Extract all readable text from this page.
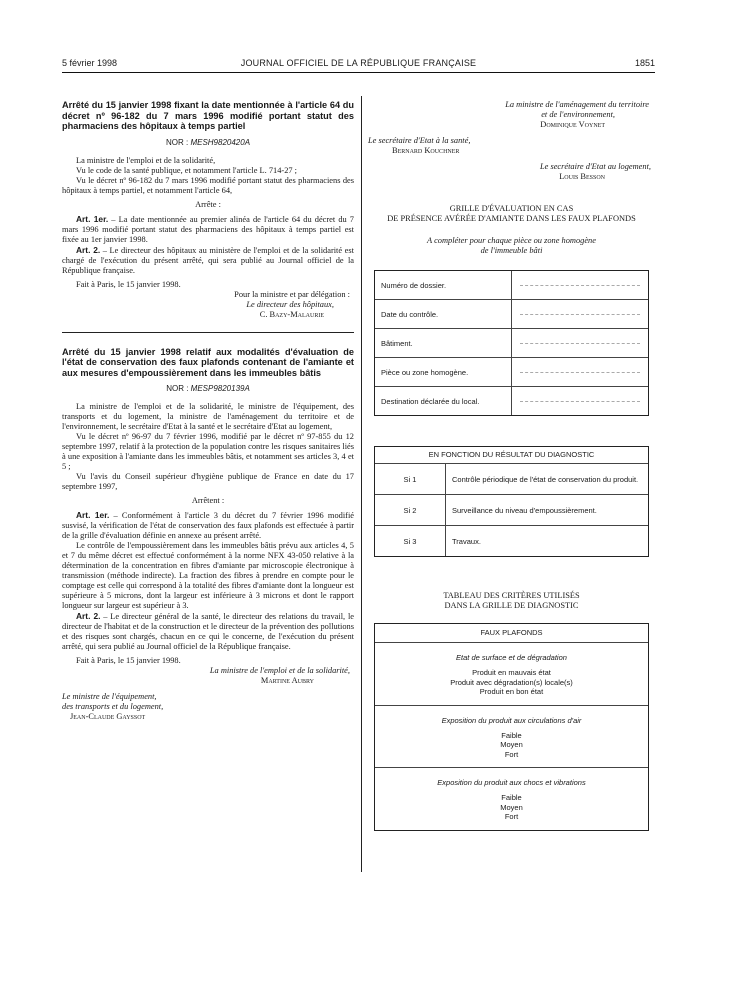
5 février 1998	JOURNAL OFFICIEL DE LA RÉPUBLIQUE FRANÇAISE	1851
Arrêté du 15 janvier 1998 fixant la date mentionnée à l'article 64 du décret nº 96-182 du 7 mars 1996 modifié portant statut des pharmaciens des hôpitaux à temps partiel
NOR : MESH9820420A

La ministre de l'emploi et de la solidarité,

Vu le code de la santé publique, et notamment l'article L. 714-27 ;

Vu le décret nº 96-182 du 7 mars 1996 modifié portant statut des pharmaciens des hôpitaux à temps partiel, et notamment l'article 64,

Arrête :

Art. 1er. – La date mentionnée au premier alinéa de l'article 64 du décret du 7 mars 1996 modifié portant statut des pharmaciens des hôpitaux à temps partiel est fixée au 1er janvier 1998.

Art. 2. – Le directeur des hôpitaux au ministère de l'emploi et de la solidarité est chargé de l'exécution du présent arrêté, qui sera publié au Journal officiel de la République française.

Fait à Paris, le 15 janvier 1998.

Pour la ministre et par délégation :

Le directeur des hôpitaux,

C. Bazy-Malaurie

Arrêté du 15 janvier 1998 relatif aux modalités d'évaluation de l'état de conservation des faux plafonds contenant de l'amiante et aux mesures d'empoussièrement dans les immeubles bâtis
NOR : MESP9820139A

La ministre de l'emploi et de la solidarité, le ministre de l'équipement, des transports et du logement, la ministre de l'aménagement du territoire et de l'environnement, le secrétaire d'Etat à la santé et le secrétaire d'Etat au logement,

Vu le décret nº 96-97 du 7 février 1996, modifié par le décret nº 97-855 du 12 septembre 1997, relatif à la protection de la population contre les risques sanitaires liés à une exposition à l'amiante dans les immeubles bâtis, et notamment ses articles 3, 4 et 5 ;

Vu l'avis du Conseil supérieur d'hygiène publique de France en date du 17 septembre 1997,

Arrêtent :

Art. 1er. – Conformément à l'article 3 du décret du 7 février 1996 modifié susvisé, la vérification de l'état de conservation des faux plafonds est effectuée à partir de la grille d'évaluation définie en annexe au présent arrêté.

Le contrôle de l'empoussièrement dans les immeubles bâtis prévu aux articles 4, 5 et 7 du même décret est effectué conformément à la norme NFX 43-050 relative à la détermination de la concentration en fibres d'amiante par microscopie électronique à transmission (méthode indirecte). La fraction des fibres à prendre en compte pour le comptage est celle qui correspond à la totalité des fibres d'amiante dont la longueur est supérieure à 5 microns, dont la largeur est inférieure à 3 microns et dont le rapport longueur sur largeur est supérieur à 3.

Art. 2. – Le directeur général de la santé, le directeur des relations du travail, le directeur de l'habitat et de la construction et le directeur de la prévention des pollutions et des risques sont chargés, chacun en ce qui le concerne, de l'exécution du présent arrêté, qui sera publié au Journal officiel de la République française.

Fait à Paris, le 15 janvier 1998.

La ministre de l'emploi et de la solidarité,

Martine Aubry

Le ministre de l'équipement,

des transports et du logement,

Jean-Claude Gayssot

La ministre de l'aménagement du territoire

et de l'environnement,

Dominique Voynet

Le secrétaire d'Etat à la santé,

Bernard Kouchner

Le secrétaire d'Etat au logement,

Louis Besson

GRILLE D'ÉVALUATION EN CAS

DE PRÉSENCE AVÉRÉE D'AMIANTE DANS LES FAUX PLAFONDS

A compléter pour chaque pièce ou zone homogène

de l'immeuble bâti

Numéro de dossier.
Date du contrôle.
Bâtiment.
Pièce ou zone homogène.
Destination déclarée du local.
EN FONCTION DU RÉSULTAT DU DIAGNOSTIC
Si 1	Contrôle périodique de l'état de conservation du produit.
Si 2	Surveillance du niveau d'empoussièrement.
Si 3	Travaux.

TABLEAU DES CRITÈRES UTILISÉS

DANS LA GRILLE DE DIAGNOSTIC

FAUX PLAFONDS
Etat de surface et de dégradation
Produit en mauvais état
Produit avec dégradation(s) locale(s)
Produit en bon état
Exposition du produit aux circulations d'air
Faible
Moyen
Fort
Exposition du produit aux chocs et vibrations
Faible
Moyen
Fort
